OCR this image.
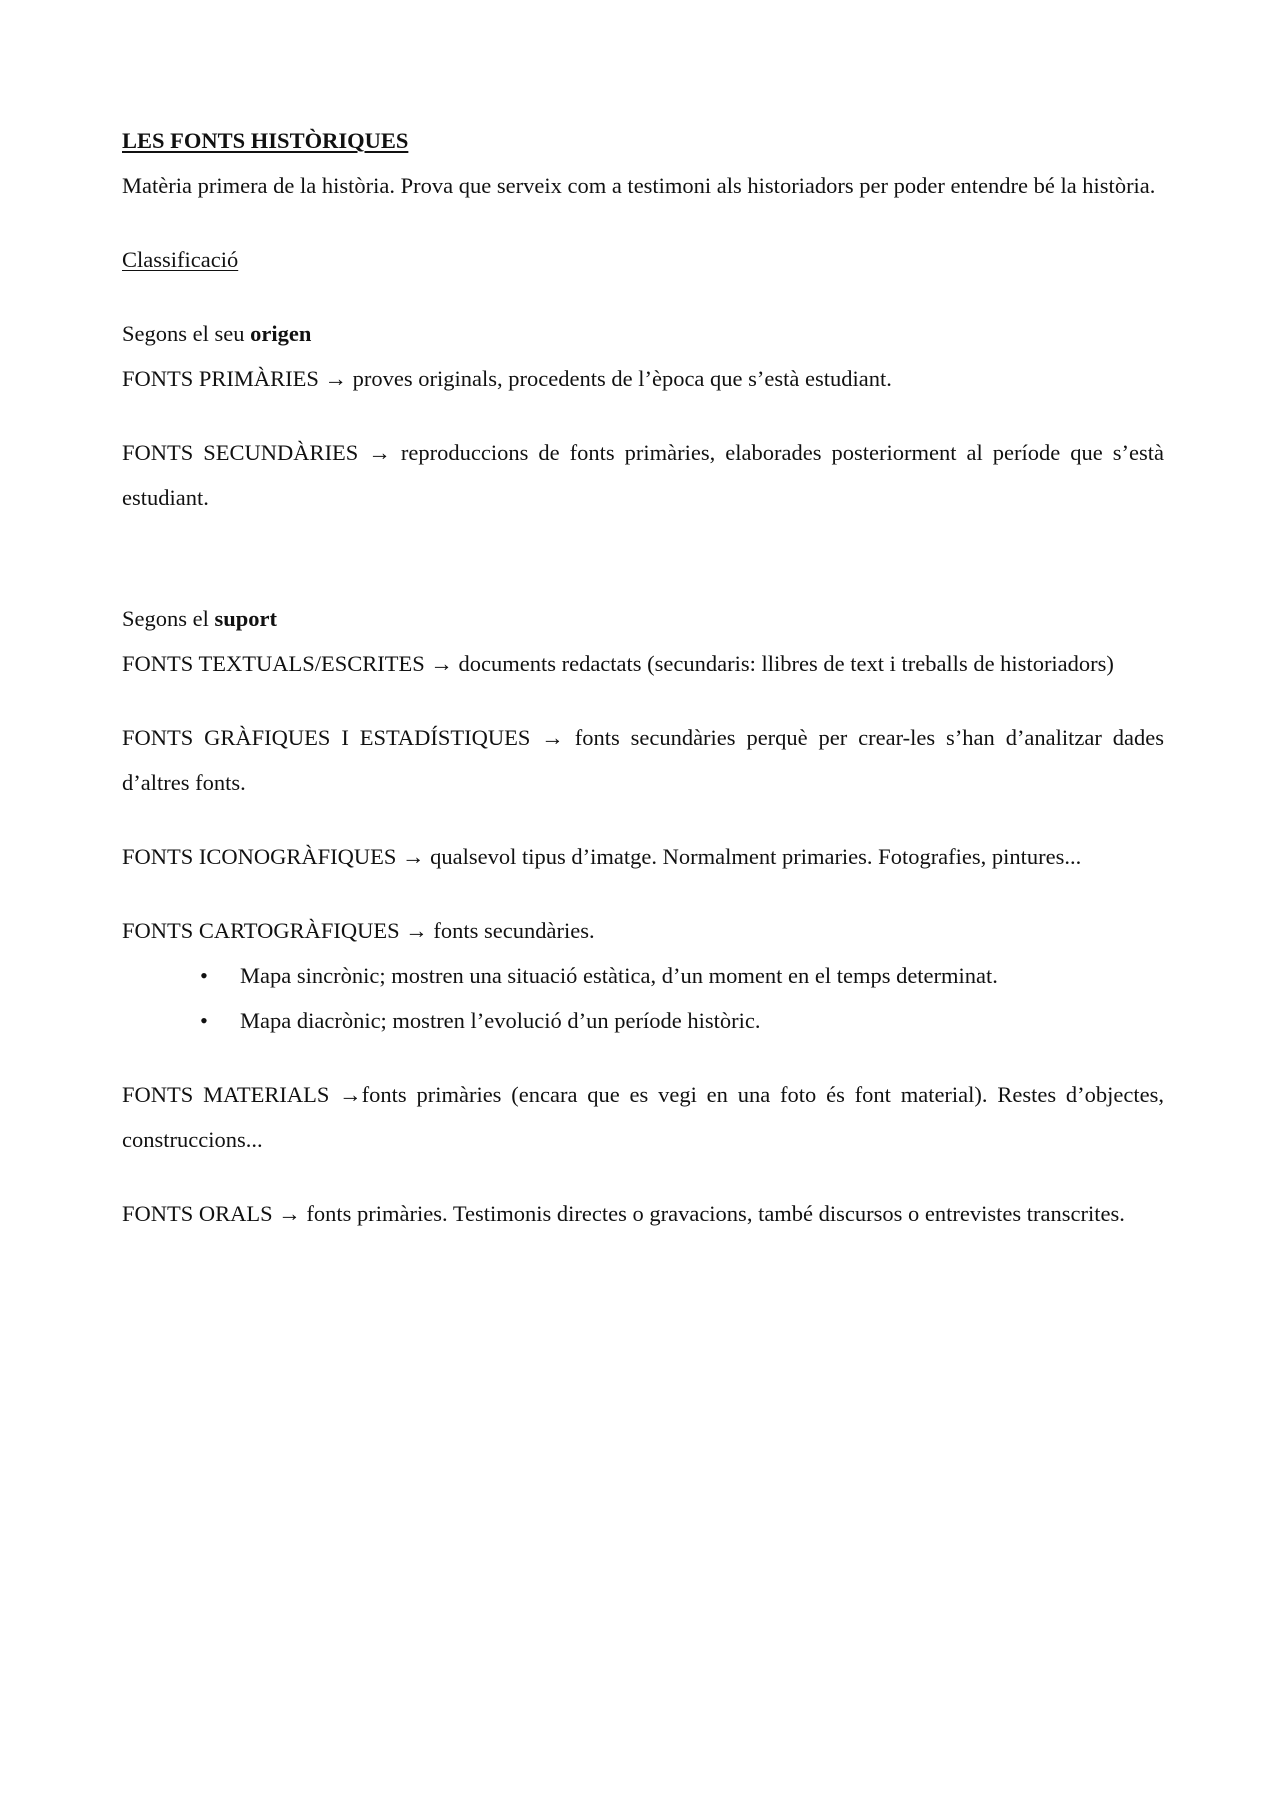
LES FONTS HISTÒRIQUES

Matèria primera de la història. Prova que serveix com a testimoni als historiadors per poder entendre bé la història.

Classificació

Segons el seu origen

FONTS PRIMÀRIES → proves originals, procedents de l’època que s’està estudiant.

FONTS SECUNDÀRIES → reproduccions de fonts primàries, elaborades posteriorment al període que s’està estudiant.

Segons el suport

FONTS TEXTUALS/ESCRITES → documents redactats (secundaris: llibres de text i treballs de historiadors)

FONTS GRÀFIQUES I ESTADÍSTIQUES → fonts secundàries perquè per crear-les s’han d’analitzar dades d’altres fonts.

FONTS ICONOGRÀFIQUES → qualsevol tipus d’imatge. Normalment primaries. Fotografies, pintures...

FONTS CARTOGRÀFIQUES → fonts secundàries.

• Mapa sincrònic; mostren una situació estàtica, d’un moment en el temps determinat.
• Mapa diacrònic; mostren l’evolució d’un període històric.

FONTS MATERIALS →fonts primàries (encara que es vegi en una foto és font material). Restes d’objectes, construccions...

FONTS ORALS → fonts primàries. Testimonis directes o gravacions, també discursos o entrevistes transcrites.
